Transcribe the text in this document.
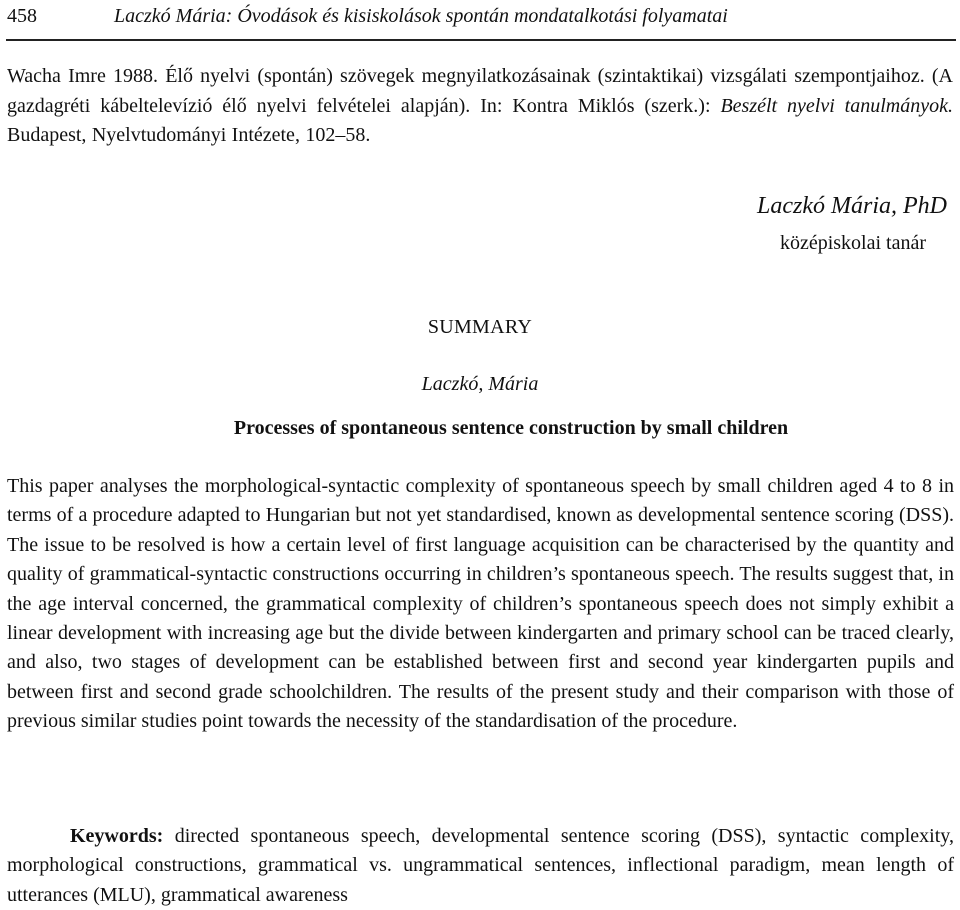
458	Laczkó Mária: Óvodások és kisiskolások spontán mondatalkotási folyamatai

Wacha Imre 1988. Élő nyelvi (spontán) szövegek megnyilatkozásainak (szintaktikai) vizsgálati szempontjaihoz. (A gazdagréti kábeltelevízió élő nyelvi felvételei alapján). In: Kontra Miklós (szerk.): Beszélt nyelvi tanulmányok. Budapest, Nyelvtudományi Intézete, 102–58.

Laczkó Mária, PhD
középiskolai tanár
SUMMARY
Laczkó, Mária
Processes of spontaneous sentence construction by small children

This paper analyses the morphological-syntactic complexity of spontaneous speech by small children aged 4 to 8 in terms of a procedure adapted to Hungarian but not yet standardised, known as developmental sentence scoring (DSS). The issue to be resolved is how a certain level of first language acquisition can be characterised by the quantity and quality of grammatical-syntactic constructions occurring in children’s spontaneous speech. The results suggest that, in the age interval concerned, the grammatical complexity of children’s spontaneous speech does not simply exhibit a linear development with increasing age but the divide between kindergarten and primary school can be traced clearly, and also, two stages of development can be established between first and second year kindergarten pupils and between first and second grade schoolchildren. The results of the present study and their comparison with those of previous similar studies point towards the necessity of the standardisation of the procedure.

Keywords: directed spontaneous speech, developmental sentence scoring (DSS), syntactic complexity, morphological constructions, grammatical vs. ungrammatical sentences, inflectional paradigm, mean length of utterances (MLU), grammatical awareness
